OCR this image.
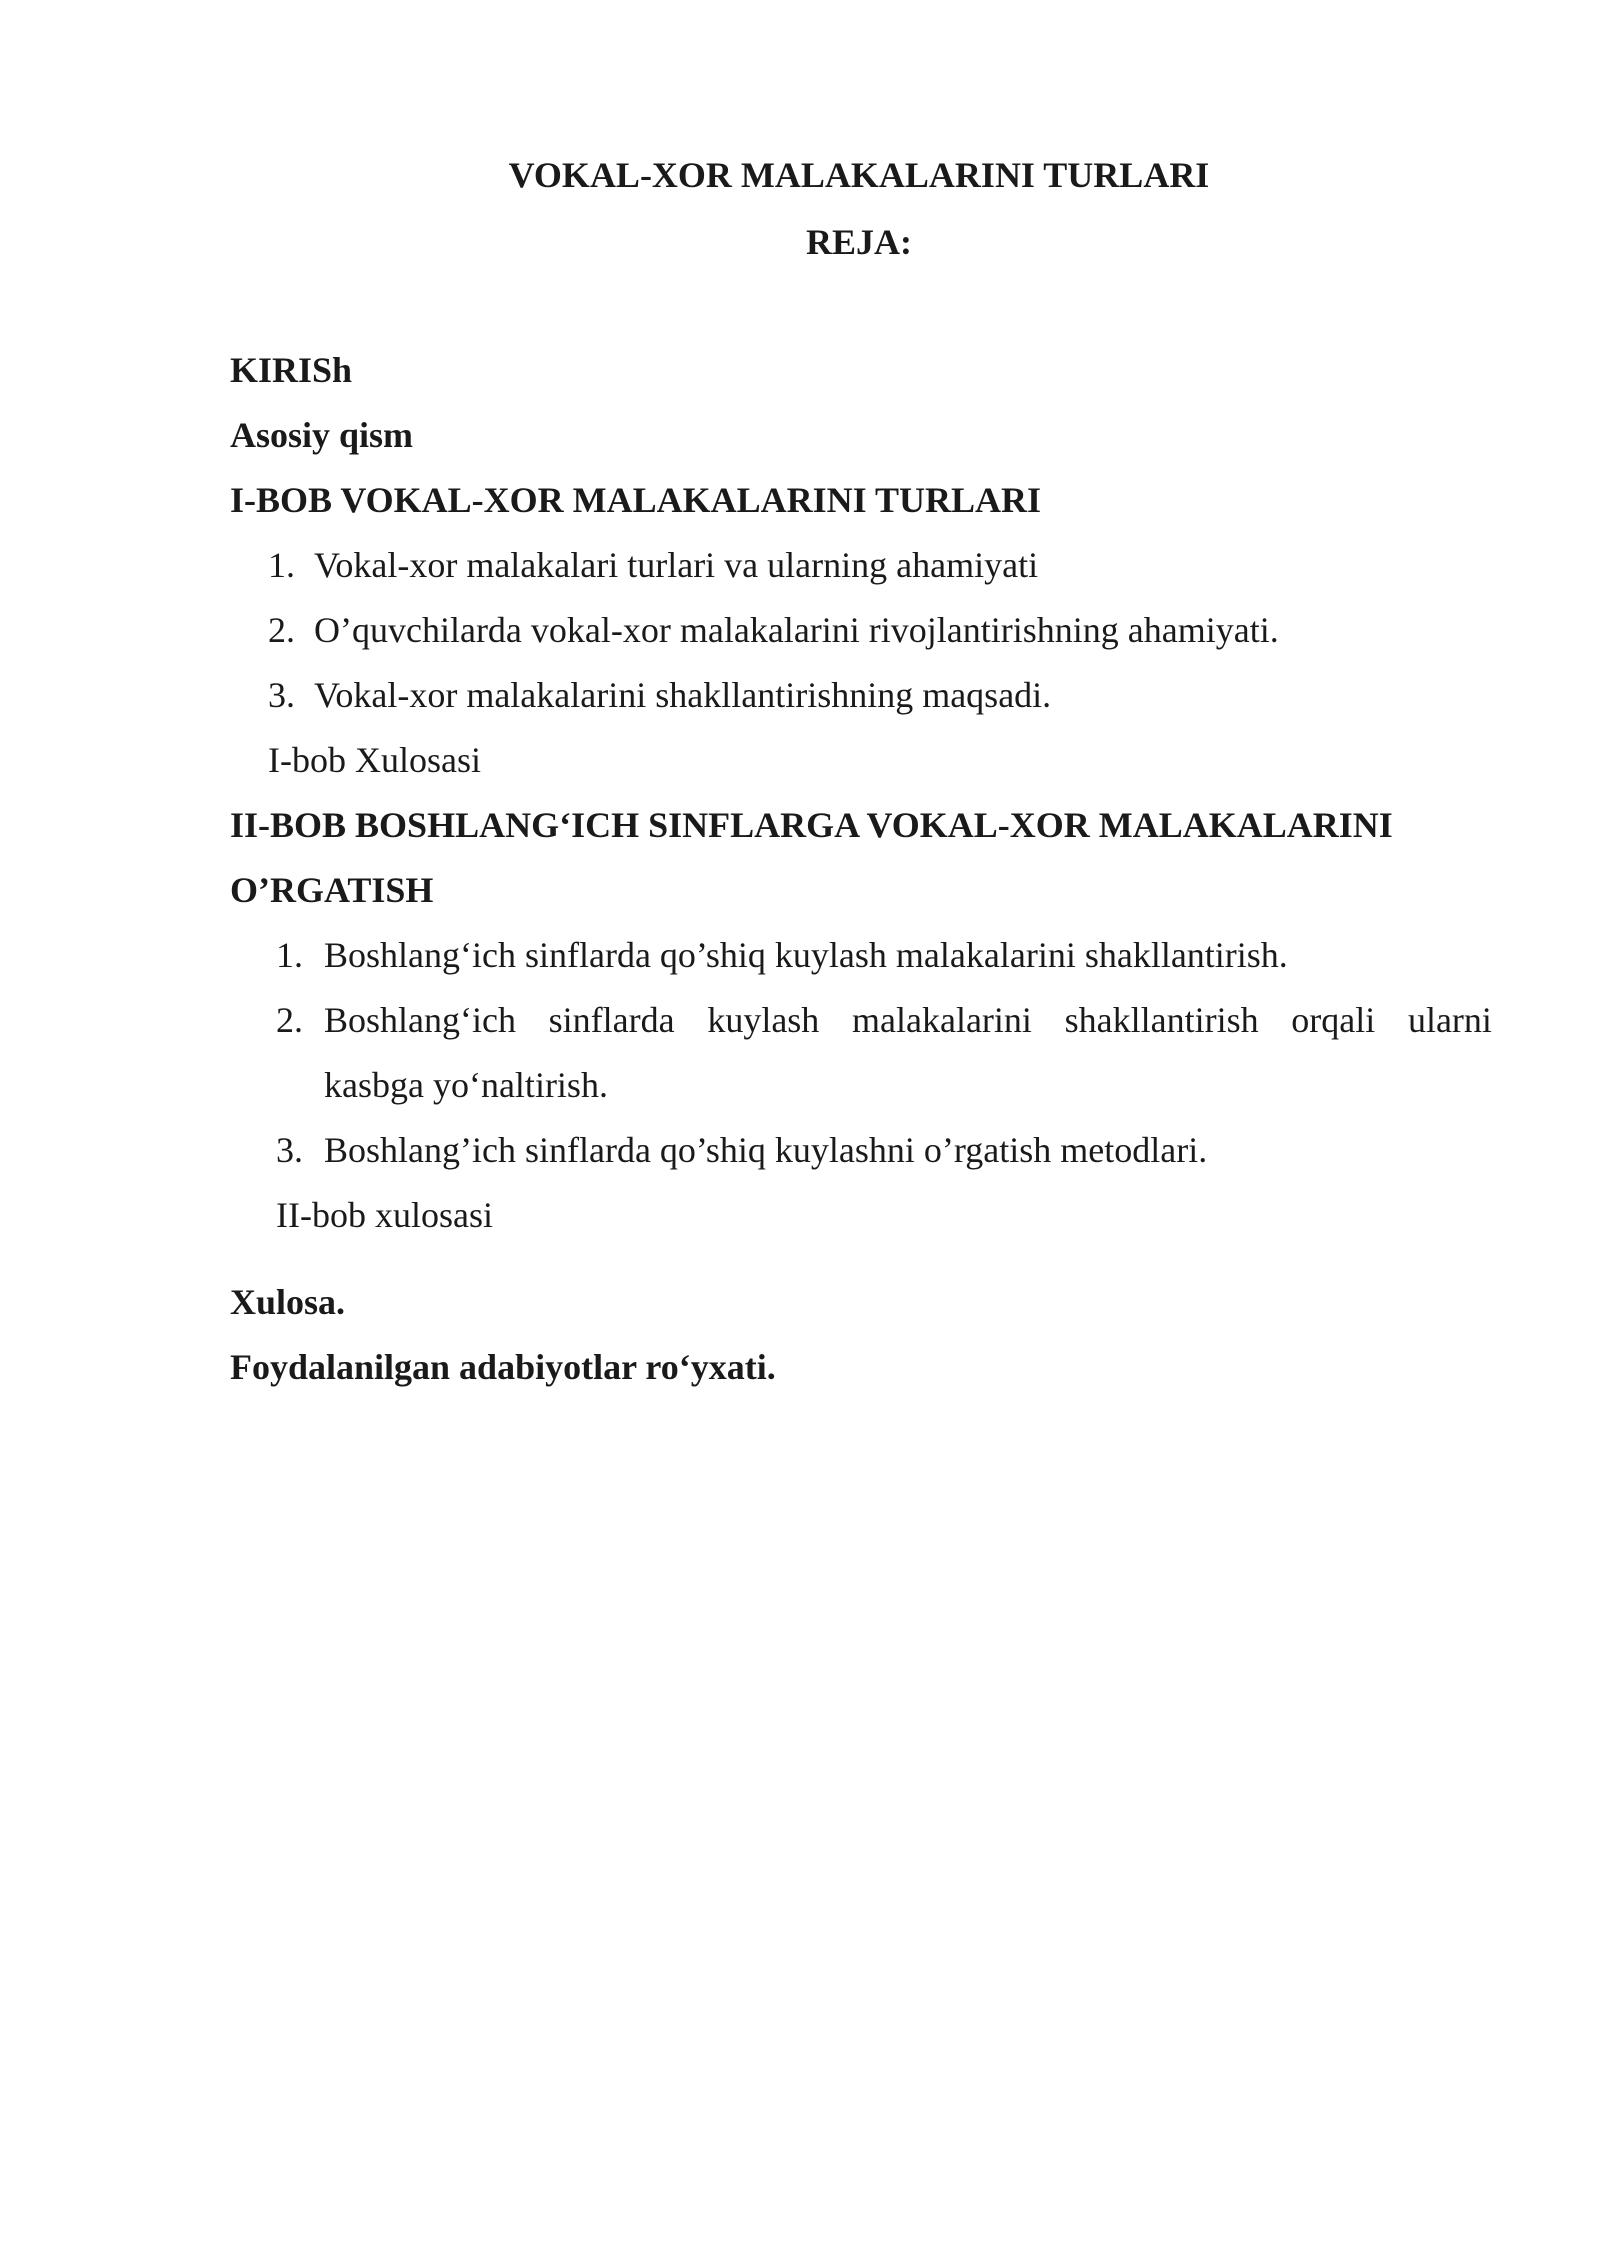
VOKAL-XOR MALAKALARINI TURLARI
REJA:
KIRISh
Asosiy qism
I-BOB VOKAL-XOR MALAKALARINI TURLARI
1. Vokal-xor malakalari turlari va ularning ahamiyati
2. O’quvchilarda vokal-xor malakalarini rivojlantirishning ahamiyati.
3. Vokal-xor malakalarini shakllantirishning maqsadi.
I-bob Xulosasi
II-BOB BOSHLANG‘ICH SINFLARGA VOKAL-XOR MALAKALARINI
O’RGATISH
1. Boshlang‘ich sinflarda qo’shiq kuylash malakalarini shakllantirish.
2. Boshlang‘ich sinflarda kuylash malakalarini shakllantirish orqali ularni
kasbga yo‘naltirish.
3. Boshlang’ich sinflarda qo’shiq kuylashni o’rgatish metodlari.
II-bob xulosasi
Xulosa.
Foydalanilgan adabiyotlar ro‘yxati.
